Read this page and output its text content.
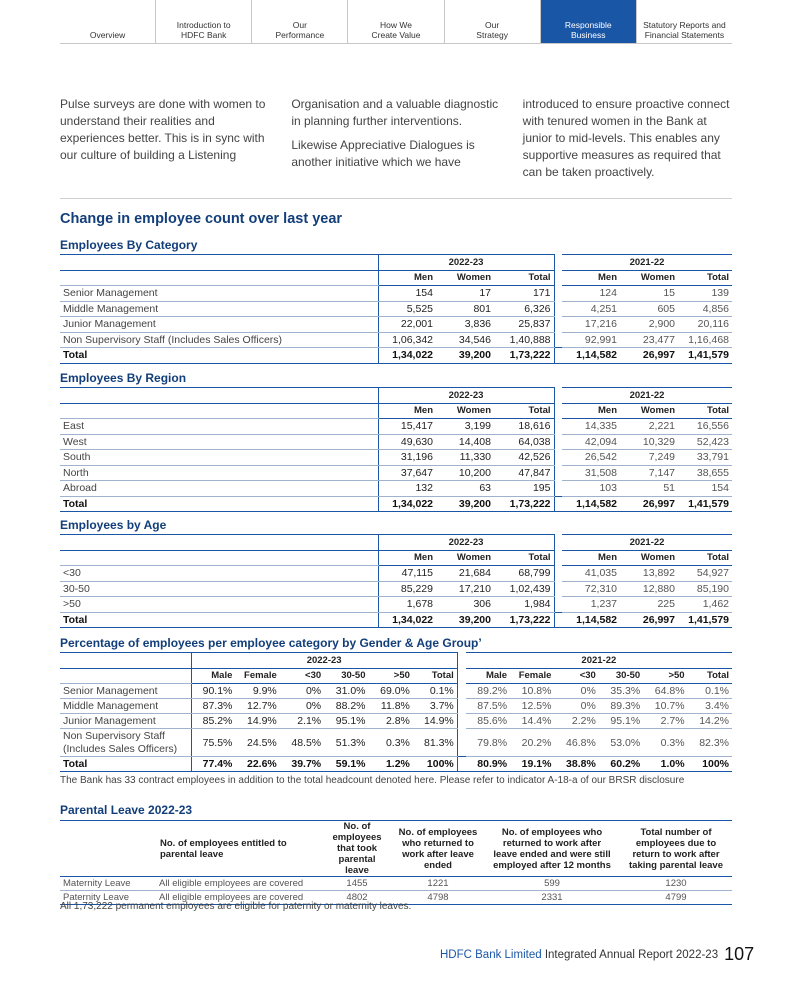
Overview
Introduction to
HDFC Bank
Our
Performance
How We
Create Value
Our
Strategy
Responsible
Business
Statutory Reports and
Financial Statements

Pulse surveys are done with women to understand their realities and experiences better. This is in sync with our culture of building a Listening

Organisation and a valuable diagnostic in planning further interventions.

Likewise Appreciative Dialogues is another initiative which we have

introduced to ensure proactive connect with tenured women in the Bank at junior to mid-levels. This enables any supportive measures as required that can be taken proactively.

Change in employee count over last year
Employees By Category
	2022-23				2021-22		
	Men	Women	Total		Men	Women	Total
Senior Management	154	17	171		124	15	139
Middle Management	5,525	801	6,326		4,251	605	4,856
Junior Management	22,001	3,836	25,837		17,216	2,900	20,116
Non Supervisory Staff (Includes Sales Officers)	1,06,342	34,546	1,40,888		92,991	23,477	1,16,468
Total	1,34,022	39,200	1,73,222		1,14,582	26,997	1,41,579
Employees By Region
	2022-23				2021-22		
	Men	Women	Total		Men	Women	Total
East	15,417	3,199	18,616		14,335	2,221	16,556
West	49,630	14,408	64,038		42,094	10,329	52,423
South	31,196	11,330	42,526		26,542	7,249	33,791
North	37,647	10,200	47,847		31,508	7,147	38,655
Abroad	132	63	195		103	51	154
Total	1,34,022	39,200	1,73,222		1,14,582	26,997	1,41,579
Employees by Age
	2022-23				2021-22		
	Men	Women	Total		Men	Women	Total
<30	47,115	21,684	68,799		41,035	13,892	54,927
30-50	85,229	17,210	1,02,439		72,310	12,880	85,190
>50	1,678	306	1,984		1,237	225	1,462
Total	1,34,022	39,200	1,73,222		1,14,582	26,997	1,41,579
Percentage of employees per employee category by Gender & Age Group’
	2022-23							2021-22					
	Male	Female	<30	30-50	>50	Total		Male	Female	<30	30-50	>50	Total
Senior Management	90.1%	9.9%	0%	31.0%	69.0%	0.1%		89.2%	10.8%	0%	35.3%	64.8%	0.1%
Middle Management	87.3%	12.7%	0%	88.2%	11.8%	3.7%		87.5%	12.5%	0%	89.3%	10.7%	3.4%
Junior Management	85.2%	14.9%	2.1%	95.1%	2.8%	14.9%		85.6%	14.4%	2.2%	95.1%	2.7%	14.2%
Non Supervisory Staff
(Includes Sales Officers)	75.5%	24.5%	48.5%	51.3%	0.3%	81.3%		79.8%	20.2%	46.8%	53.0%	0.3%	82.3%
Total	77.4%	22.6%	39.7%	59.1%	1.2%	100%		80.9%	19.1%	38.8%	60.2%	1.0%	100%
The Bank has 33 contract employees in addition to the total headcount denoted here. Please refer to indicator A-18-a of our BRSR disclosure
Parental Leave 2022-23
	No. of employees entitled to parental leave	No. of employees that took parental leave	No. of employees who returned to work after leave ended	No. of employees who returned to work after leave ended and were still employed after 12 months	Total number of employees due to return to work after taking parental leave
Maternity Leave	All eligible employees are covered	1455	1221	599	1230
Paternity Leave	All eligible employees are covered	4802	4798	2331	4799
All 1,73,222 permanent employees are eligible for paternity or maternity leaves.
HDFC Bank Limited Integrated Annual Report 2022-23 107
